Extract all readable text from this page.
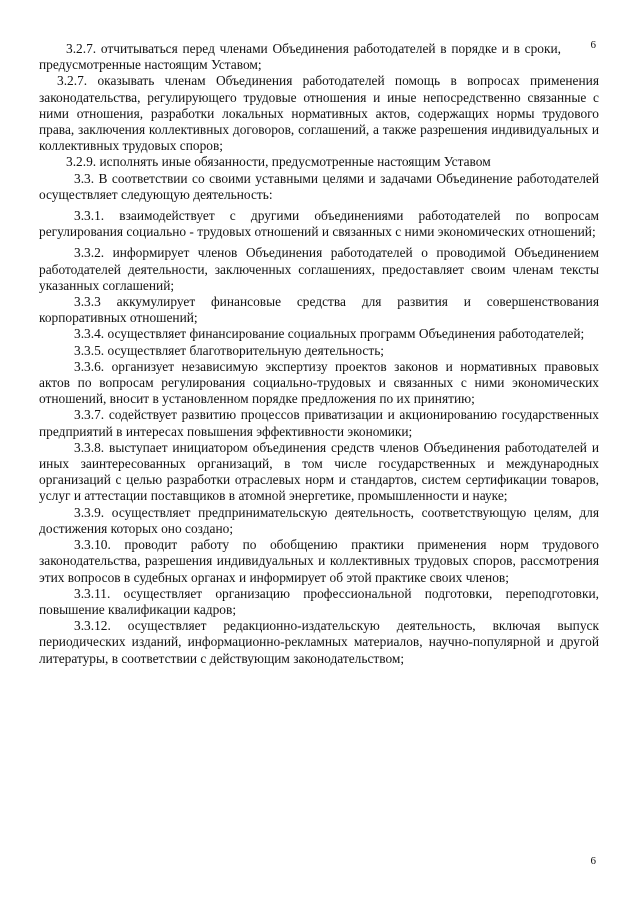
6

3.2.7. отчитываться перед членами Объединения работодателей в порядке и в сроки, предусмотренные настоящим Уставом;

3.2.7. оказывать членам Объединения работодателей помощь в вопросах применения законодательства, регулирующего трудовые отношения и иные непосредственно связанные с ними отношения, разработки локальных нормативных актов, содержащих нормы трудового права, заключения коллективных договоров, соглашений, а также разрешения индивидуальных и коллективных трудовых споров;

3.2.9. исполнять иные обязанности, предусмотренные настоящим Уставом

3.3. В соответствии со своими уставными целями и задачами Объединение работодателей осуществляет следующую деятельность:

3.3.1. взаимодействует с другими объединениями работодателей по вопросам регулирования социально - трудовых отношений и связанных с ними экономических отношений;

3.3.2. информирует членов Объединения работодателей о проводимой Объединением работодателей деятельности, заключенных соглашениях, предоставляет своим членам тексты указанных соглашений;

3.3.3 аккумулирует финансовые средства для развития и совершенствования корпоративных отношений;

3.3.4. осуществляет финансирование социальных программ Объединения работодателей;

3.3.5. осуществляет благотворительную деятельность;

3.3.6. организует независимую экспертизу проектов законов и нормативных правовых актов по вопросам регулирования социально-трудовых и связанных с ними экономических отношений, вносит в установленном порядке предложения по их принятию;

3.3.7. содействует развитию процессов приватизации и акционированию государственных предприятий в интересах повышения эффективности экономики;

3.3.8. выступает инициатором объединения средств членов Объединения работодателей и иных заинтересованных организаций, в том числе государственных и международных организаций с целью разработки отраслевых норм и стандартов, систем сертификации товаров, услуг и аттестации поставщиков в атомной энергетике, промышленности и науке;

3.3.9. осуществляет предпринимательскую деятельность, соответствующую целям, для достижения которых оно создано;

3.3.10. проводит работу по обобщению практики применения норм трудового законодательства, разрешения индивидуальных и коллективных трудовых споров, рассмотрения этих вопросов в судебных органах и информирует об этой практике своих членов;

3.3.11. осуществляет организацию профессиональной подготовки, переподготовки, повышение квалификации кадров;

3.3.12. осуществляет редакционно-издательскую деятельность, включая выпуск периодических изданий, информационно-рекламных материалов, научно-популярной и другой литературы, в соответствии с действующим законодательством;

6
